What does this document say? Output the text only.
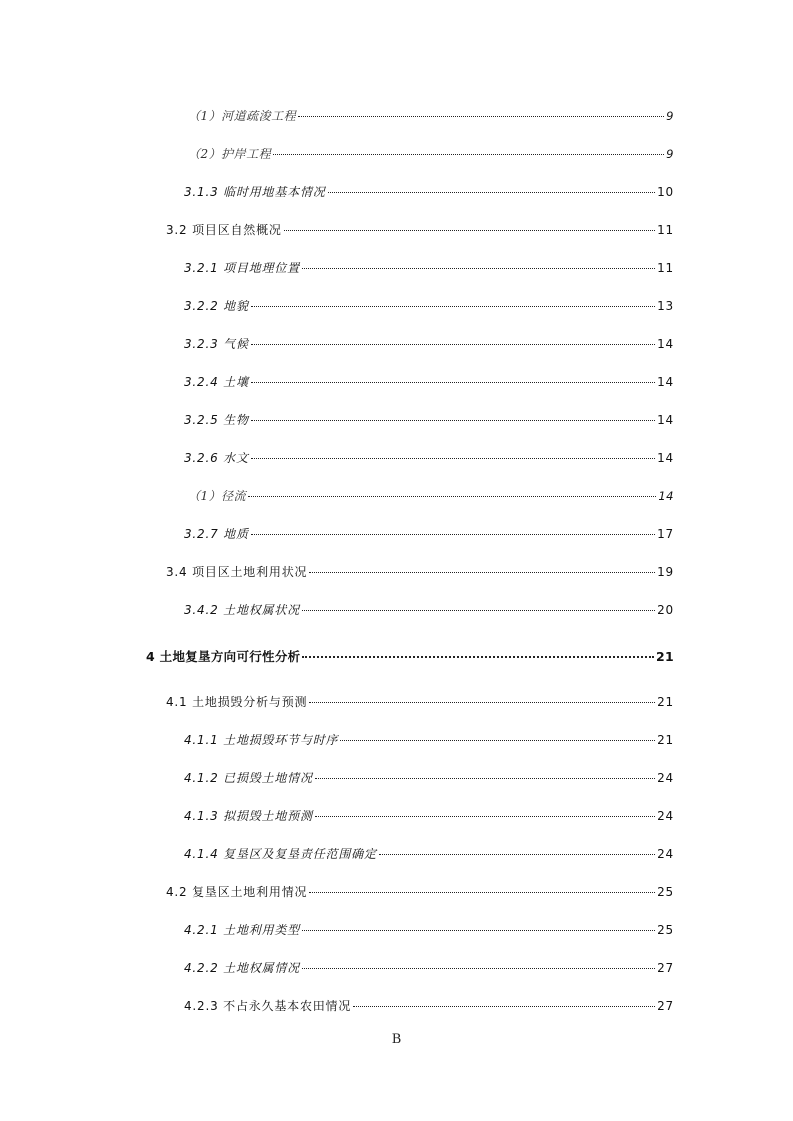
（1）河道疏浚工程	9
（2）护岸工程	9
3.1.3 临时用地基本情况	10
3.2 项目区自然概况	11
3.2.1 项目地理位置	11
3.2.2 地貌	13
3.2.3 气候	14
3.2.4 土壤	14
3.2.5 生物	14
3.2.6 水文	14
（1）径流	14
3.2.7 地质	17
3.4 项目区土地利用状况	19
3.4.2 土地权属状况	20
4 土地复垦方向可行性分析	21
4.1 土地损毁分析与预测	21
4.1.1 土地损毁环节与时序	21
4.1.2 已损毁土地情况	24
4.1.3 拟损毁土地预测	24
4.1.4 复垦区及复垦责任范围确定	24
4.2 复垦区土地利用情况	25
4.2.1 土地利用类型	25
4.2.2 土地权属情况	27
4.2.3 不占永久基本农田情况	27
B
